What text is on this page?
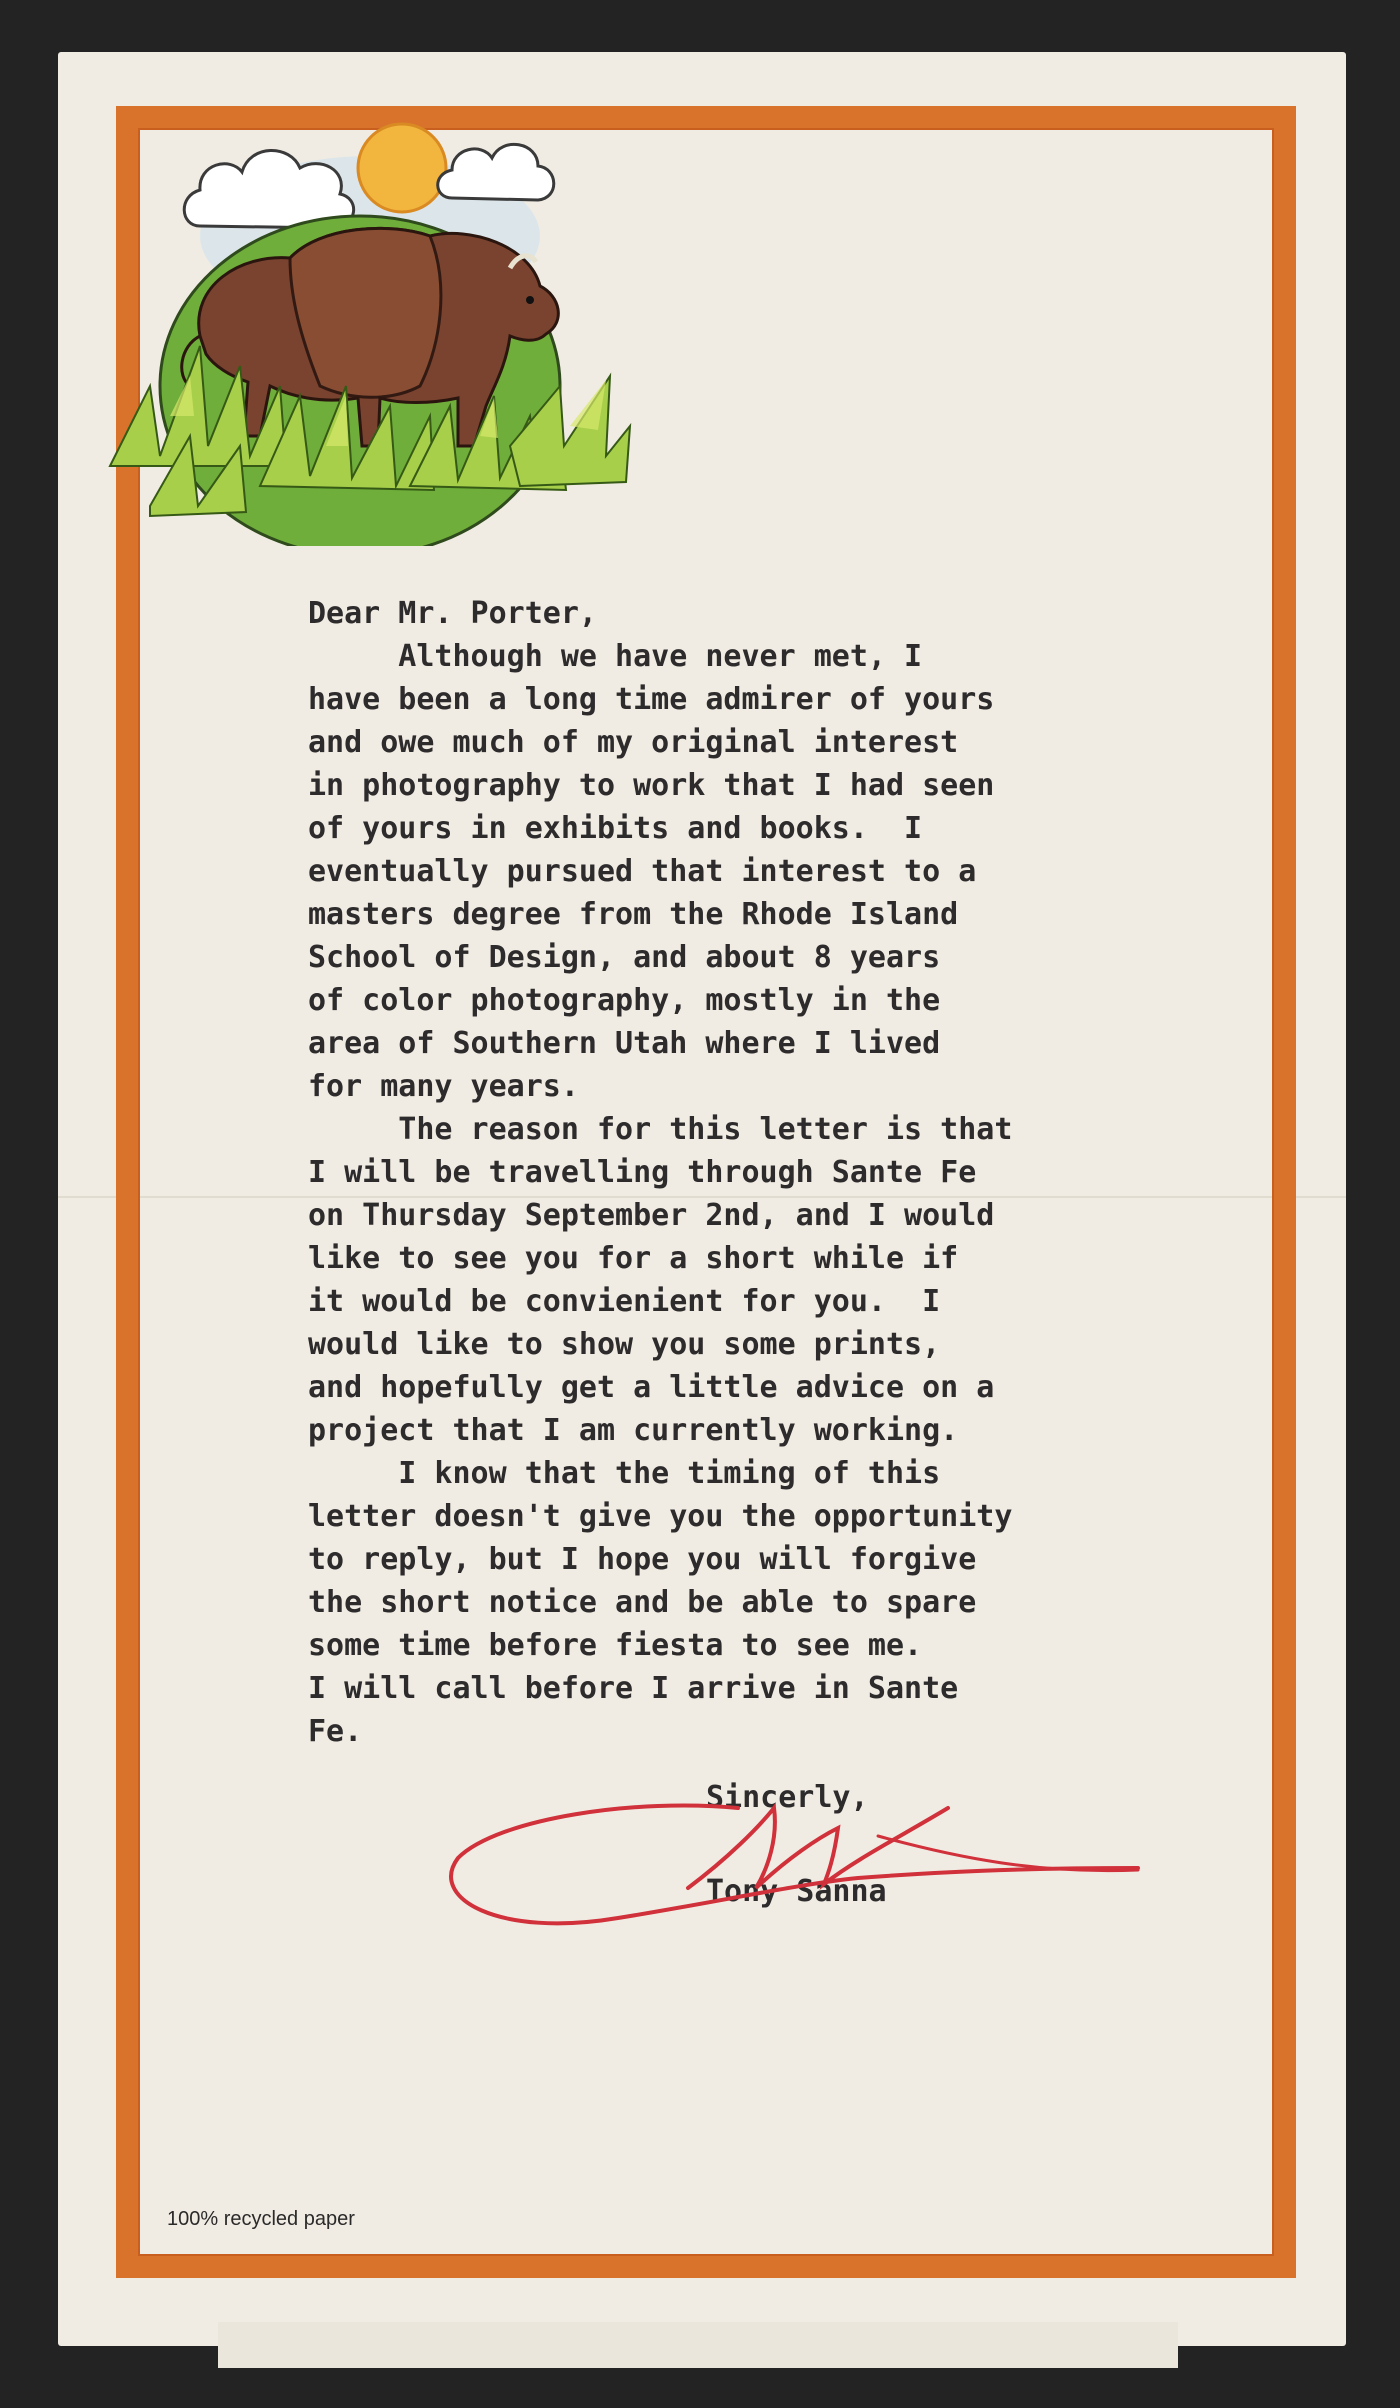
Dear Mr. Porter,
Although we have never met, I
have been a long time admirer of yours
and owe much of my original interest
in photography to work that I had seen
of yours in exhibits and books.  I
eventually pursued that interest to a
masters degree from the Rhode Island
School of Design, and about 8 years
of color photography, mostly in the
area of Southern Utah where I lived
for many years.
The reason for this letter is that
I will be travelling through Sante Fe
on Thursday September 2nd, and I would
like to see you for a short while if
it would be convienient for you.  I
would like to show you some prints,
and hopefully get a little advice on a
project that I am currently working.
I know that the timing of this
letter doesn't give you the opportunity
to reply, but I hope you will forgive
the short notice and be able to spare
some time before fiesta to see me.
I will call before I arrive in Sante
Fe.
Sincerly,
Tony Sanna
100% recycled paper
